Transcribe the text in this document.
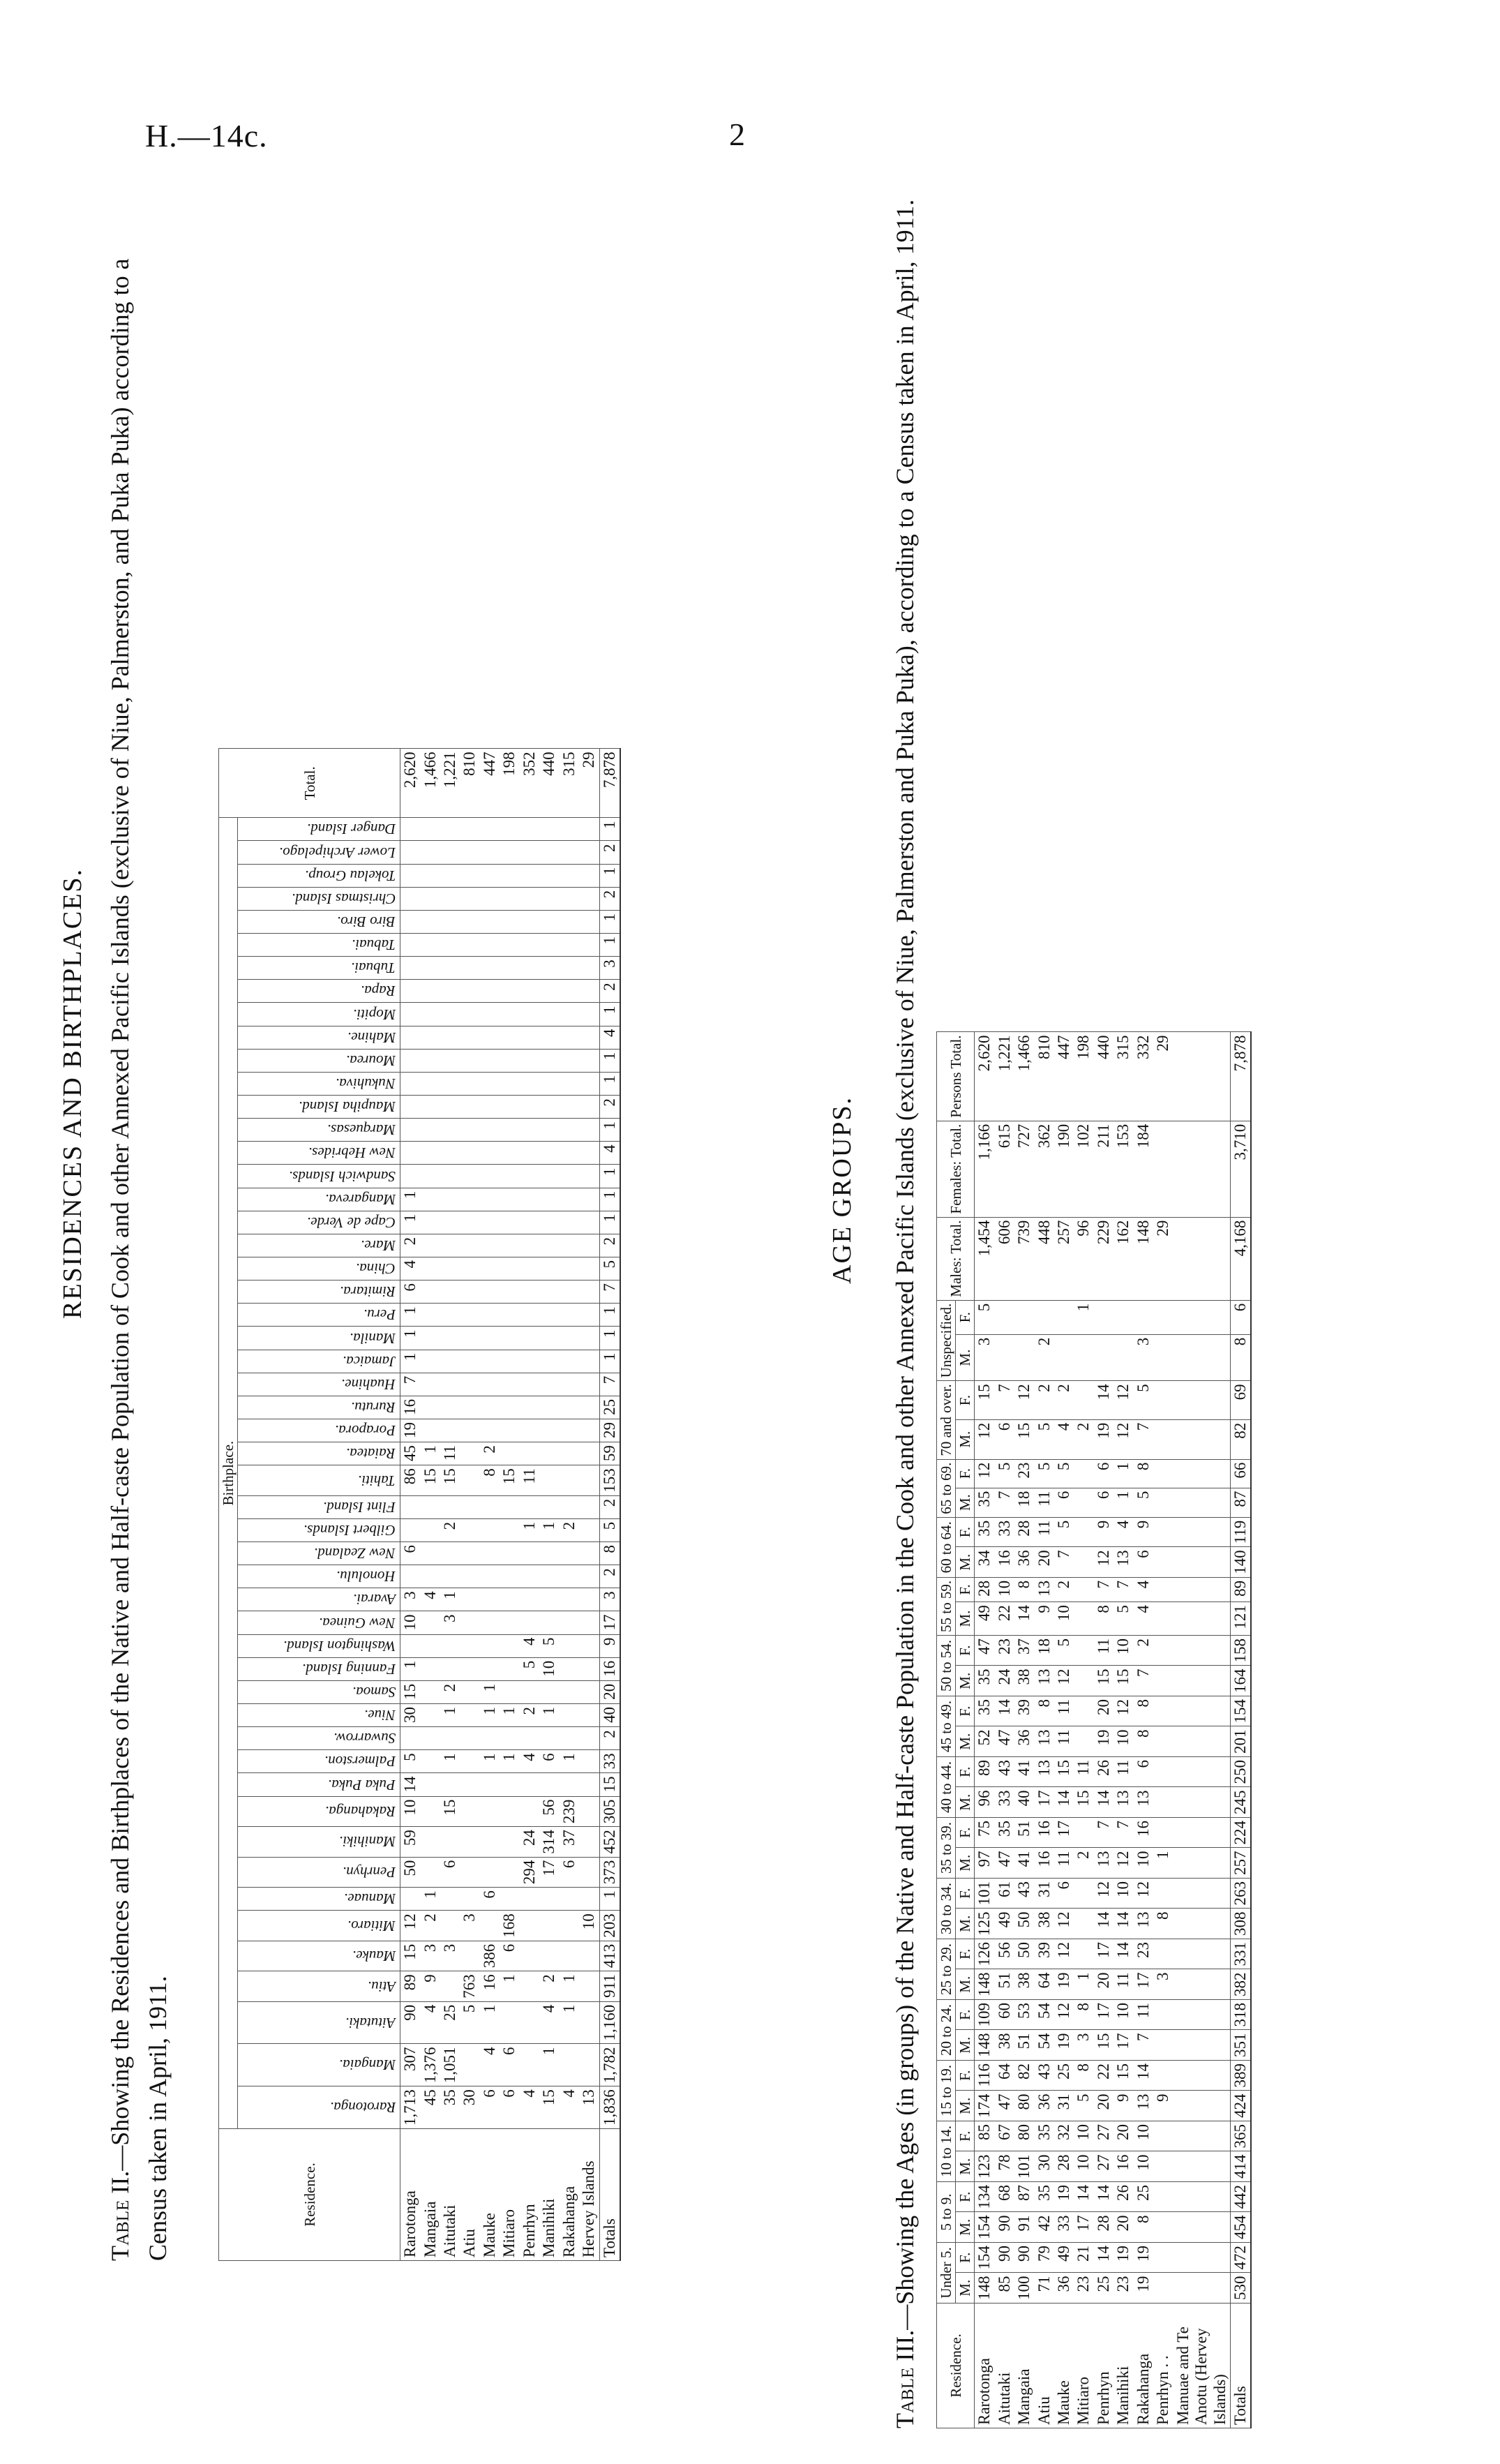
H.—14c.	2
Table II.—Showing the Residences and Birthplaces of the Native and Half-caste Population of Cook and other Annexed Pacific Islands (exclusive of Niue, Palmerston, and Puka Puka) according to a Census taken in April, 1911.
RESIDENCES AND BIRTHPLACES.
Residence.	Birthplace.																																																				Total.
	Rarotonga.	Mangaia.	Aitutaki.	Atiu.	Mauke.	Mitiaro.	Manuae.	Penrhyn.	Manihiki.	Rakahanga.	Puka Puka.	Palmerston.	Suwarrow.	Niue.	Samoa.	Fanning Island.	Washington Island.	New Guinea.	Avarai.	Honolulu.	New Zealand.	Gilbert Islands.	Flint Island.	Tahiti.	Raiatea.	Porapora.	Rurutu.	Huahine.	Jamaica.	Manila.	Peru.	Rimitara.	China.	Mare.	Cape de Verde.	Mangareva.	Sandwich Islands.	New Hebrides.	Marquesas.	Maupiha Island.	Nukuhiva.	Mourea.	Mahine.	Mopiti.	Rapa.	Tubuai.	Tabuai.	Biro Biro.	Christmas Island.	Tokelau Group.	Lower Archipelago.	Danger Island.	
Rarotonga	1,713	307	90	89	15	12		50	59	10	14	5		30	15	1		10	3		6			86	45	19	16	7	1	1	1	6	4	2	1	1																	2,620
Mangaia	45	1,376	4	9	3	2	1												4					15	1																												1,466
Aitutaki	35	1,051	25		3			6		15		1		1	2			3	1			2		15	11																												1,221
Atiu	30		5	763		3																																															810
Mauke	6	4	1	16	386		6					1		1	1									8	2																												447
Mitiaro	6	6		1	6	168						1		1										15																													198
Penrhyn	4							294	24			4		2		5	4					1		11																													352
Manihiki	15	1	4	2				17	314	56		6		1		10	5					1																															440
Rakahanga	4		1	1				6	37	239		1										2																															315
Hervey Islands	13					10																																															29
Totals	1,836	1,782	1,160	911	413	203	1	373	452	305	15	33	2	40	20	16	9	17	3	2	8	5	2	153	59	29	25	7	1	1	1	7	5	2	1	1	1	4	1	2	1	1	4	1	2	3	1	1	2	1	2	1	7,878
AGE GROUPS.
Table III.—Showing the Ages (in groups) of the Native and Half-caste Population in the Cook and other Annexed Pacific Islands (exclusive of Niue, Palmerston and Puka Puka), according to a Census taken in April, 1911.
Residence.	Under 5.		5 to 9.		10 to 14.		15 to 19.		20 to 24.		25 to 29.		30 to 34.		35 to 39.		40 to 44.		45 to 49.		50 to 54.		55 to 59.		60 to 64.		65 to 69.		70 and over.		Unspecified.		Males: Total.	Females: Total.	Persons Total.
	M.	F.	M.	F.	M.	F.	M.	F.	M.	F.	M.	F.	M.	F.	M.	F.	M.	F.	M.	F.	M.	F.	M.	F.	M.	F.	M.	F.	M.	F.	M.	F.			
Rarotonga	148	154	154	134	123	85	174	116	148	109	148	126	125	101	97	75	96	89	52	35	35	47	49	28	34	35	35	12	12	15	3	5	1,454	1,166	2,620
Aitutaki	85	90	90	68	78	67	47	64	38	60	51	56	49	61	47	35	33	43	47	14	24	23	22	10	16	33	7	5	6	7			606	615	1,221
Mangaia	100	90	91	87	101	80	80	82	51	53	38	50	50	43	41	51	40	41	36	39	38	37	14	8	36	28	18	23	15	12			739	727	1,466
Atiu	71	79	42	35	30	35	36	43	54	54	64	39	38	31	16	16	17	13	13	8	13	18	9	13	20	11	11	5	5	2	2		448	362	810
Mauke	36	49	33	19	28	32	31	25	19	12	19	12	12	6	11	17	14	15	11	11	12	5	10	2	7	5	6	5	4	2			257	190	447
Mitiaro	23	21	17	14	10	10	5	8	3	8	1				2		15	11											2			1	96	102	198
Penrhyn	25	14	28	14	27	27	20	22	15	17	20	17	14	12	13	7	14	26	19	20	15	11	8	7	12	9	6	6	19	14			229	211	440
Manihiki	23	19	20	26	16	20	9	15	17	10	11	14	14	10	12	7	13	11	10	12	15	10	5	7	13	4	1	1	12	12			162	153	315
Rakahanga	19	19	8	25	10	10	13	14	7	11	17	23	13	12	10	16	13	6	8	8	7	2	4	4	6	9	5	8	7	5	3		148	184	332
Penrhyn . .							9				3		8		1																		29		29
Manuae and Te Anotu (Hervey Islands)																																			
Totals	530	472	454	442	414	365	424	389	351	318	382	331	308	263	257	224	245	250	201	154	164	158	121	89	140	119	87	66	82	69	8	6	4,168	3,710	7,878
